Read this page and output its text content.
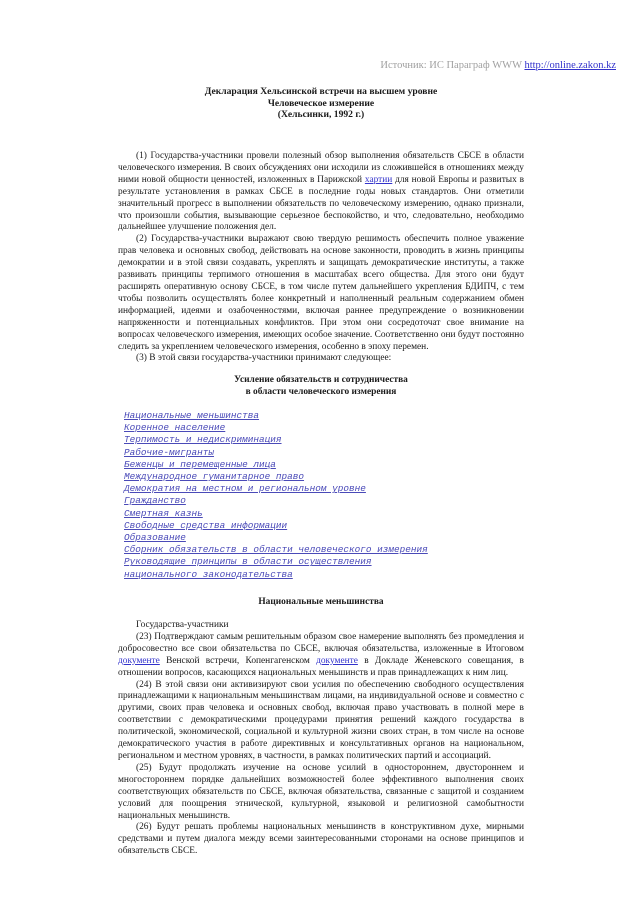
Источник: ИС Параграф WWW http://online.zakon.kz
Декларация Хельсинской встречи на высшем уровне
Человеческое измерение
(Хельсинки, 1992 г.)

(1) Государства-участники провели полезный обзор выполнения обязательств СБСЕ в области человеческого измерения. В своих обсуждениях они исходили из сложившейся в отношениях между ними новой общности ценностей, изложенных в Парижской хартии для новой Европы и развитых в результате установления в рамках СБСЕ в последние годы новых стандартов. Они отметили значительный прогресс в выполнении обязательств по человеческому измерению, однако признали, что произошли события, вызывающие серьезное беспокойство, и что, следовательно, необходимо дальнейшее улучшение положения дел.

(2) Государства-участники выражают свою твердую решимость обеспечить полное уважение прав человека и основных свобод, действовать на основе законности, проводить в жизнь принципы демократии и в этой связи создавать, укреплять и защищать демократические институты, а также развивать принципы терпимого отношения в масштабах всего общества. Для этого они будут расширять оперативную основу СБСЕ, в том числе путем дальнейшего укрепления БДИПЧ, с тем чтобы позволить осуществлять более конкретный и наполненный реальным содержанием обмен информацией, идеями и озабоченностями, включая раннее предупреждение о возникновении напряженности и потенциальных конфликтов. При этом они сосредоточат свое внимание на вопросах человеческого измерения, имеющих особое значение. Соответственно они будут постоянно следить за укреплением человеческого измерения, особенно в эпоху перемен.

(3) В этой связи государства-участники принимают следующее:

Усиление обязательств и сотрудничества
в области человеческого измерения
Национальные меньшинства
Коренное население
Терпимость и недискриминация
Рабочие-мигранты
Беженцы и перемещенные лица
Международное гуманитарное право
Демократия на местном и региональном уровне
Гражданство
Смертная казнь
Свободные средства информации
Образование
Сборник обязательств в области человеческого измерения
Руководящие принципы в области осуществления
национального законодательства
Национальные меньшинства

Государства-участники

(23) Подтверждают самым решительным образом свое намерение выполнять без промедления и добросовестно все свои обязательства по СБСЕ, включая обязательства, изложенные в Итоговом документе Венской встречи, Копенгагенском документе в Докладе Женевского совещания, в отношении вопросов, касающихся национальных меньшинств и прав принадлежащих к ним лиц.

(24) В этой связи они активизируют свои усилия по обеспечению свободного осуществления принадлежащими к национальным меньшинствам лицами, на индивидуальной основе и совместно с другими, своих прав человека и основных свобод, включая право участвовать в полной мере в соответствии с демократическими процедурами принятия решений каждого государства в политической, экономической, социальной и культурной жизни своих стран, в том числе на основе демократического участия в работе директивных и консультативных органов на национальном, региональном и местном уровнях, в частности, в рамках политических партий и ассоциаций.

(25) Будут продолжать изучение на основе усилий в одностороннем, двустороннем и многостороннем порядке дальнейших возможностей более эффективного выполнения своих соответствующих обязательств по СБСЕ, включая обязательства, связанные с защитой и созданием условий для поощрения этнической, культурной, языковой и религиозной самобытности национальных меньшинств.

(26) Будут решать проблемы национальных меньшинств в конструктивном духе, мирными средствами и путем диалога между всеми заинтересованными сторонами на основе принципов и обязательств СБСЕ.
